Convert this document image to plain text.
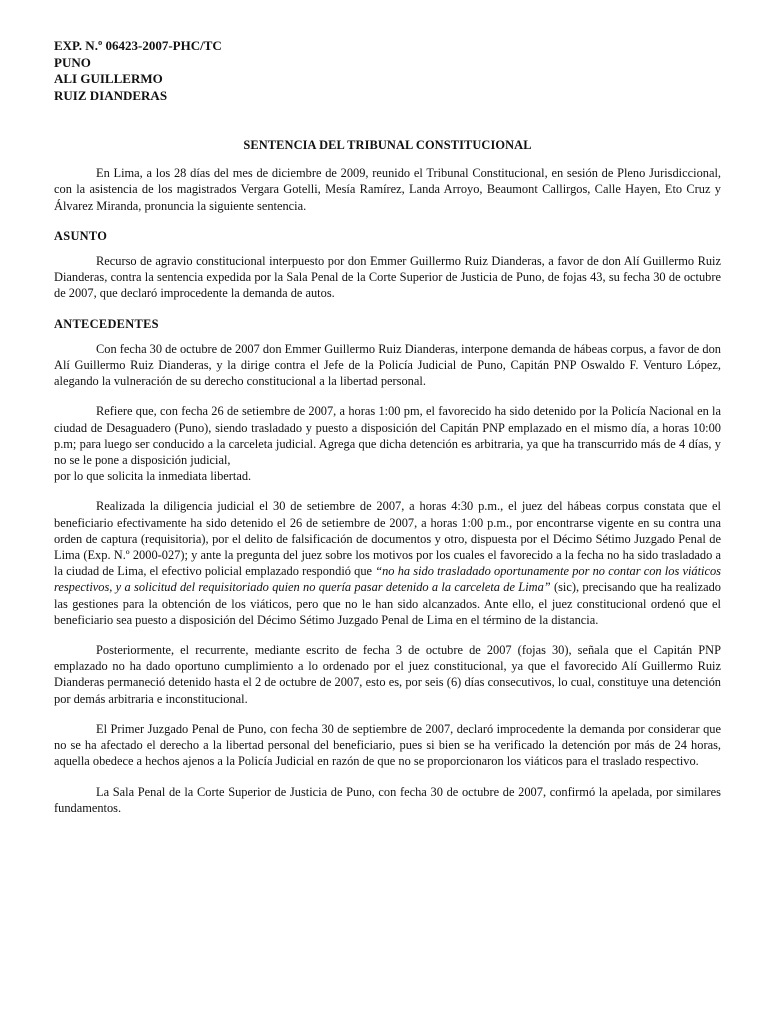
EXP. N.º 06423-2007-PHC/TC
PUNO
ALI GUILLERMO
RUIZ DIANDERAS
SENTENCIA DEL TRIBUNAL CONSTITUCIONAL

En Lima, a los 28 días del mes de diciembre de 2009, reunido el Tribunal Constitucional, en sesión de Pleno Jurisdiccional, con la asistencia de los magistrados Vergara Gotelli, Mesía Ramírez, Landa Arroyo, Beaumont Callirgos, Calle Hayen, Eto Cruz y Álvarez Miranda, pronuncia la siguiente sentencia.

ASUNTO

Recurso de agravio constitucional interpuesto por don Emmer Guillermo Ruiz Dianderas, a favor de don Alí Guillermo Ruiz Dianderas, contra la sentencia expedida por la Sala Penal de la Corte Superior de Justicia de Puno, de fojas 43, su fecha 30 de octubre de 2007, que declaró improcedente la demanda de autos.

ANTECEDENTES

Con fecha 30 de octubre de 2007 don Emmer Guillermo Ruiz Dianderas, interpone demanda de hábeas corpus, a favor de don Alí Guillermo Ruiz Dianderas, y la dirige contra el Jefe de la Policía Judicial de Puno, Capitán PNP Oswaldo F. Venturo López, alegando la vulneración de su derecho constitucional a la libertad personal.

Refiere que, con fecha 26 de setiembre de 2007, a horas 1:00 pm, el favorecido ha sido detenido por la Policía Nacional en la ciudad de Desaguadero (Puno), siendo trasladado y puesto a disposición del Capitán PNP emplazado en el mismo día, a horas 10:00 p.m; para luego ser conducido a la carceleta judicial. Agrega que dicha detención es arbitraria, ya que ha transcurrido más de 4 días, y no se le pone a disposición judicial,

por lo que solicita la inmediata libertad.

Realizada la diligencia judicial el 30 de setiembre de 2007, a horas 4:30 p.m., el juez del hábeas corpus constata que el beneficiario efectivamente ha sido detenido el 26 de setiembre de 2007, a horas 1:00 p.m., por encontrarse vigente en su contra una orden de captura (requisitoria), por el delito de falsificación de documentos y otro, dispuesta por el Décimo Sétimo Juzgado Penal de Lima (Exp. N.º 2000-027); y ante la pregunta del juez sobre los motivos por los cuales el favorecido a la fecha no ha sido trasladado a la ciudad de Lima, el efectivo policial emplazado respondió que “no ha sido trasladado oportunamente por no contar con los viáticos respectivos, y a solicitud del requisitoriado quien no quería pasar detenido a la carceleta de Lima” (sic), precisando que ha realizado las gestiones para la obtención de los viáticos, pero que no le han sido alcanzados. Ante ello, el juez constitucional ordenó que el beneficiario sea puesto a disposición del Décimo Sétimo Juzgado Penal de Lima en el término de la distancia.

Posteriormente, el recurrente, mediante escrito de fecha 3 de octubre de 2007 (fojas 30), señala que el Capitán PNP emplazado no ha dado oportuno cumplimiento a lo ordenado por el juez constitucional, ya que el favorecido Alí Guillermo Ruiz Dianderas permaneció detenido hasta el 2 de octubre de 2007, esto es, por seis (6) días consecutivos, lo cual, constituye una detención por demás arbitraria e inconstitucional.

El Primer Juzgado Penal de Puno, con fecha 30 de septiembre de 2007, declaró improcedente la demanda por considerar que no se ha afectado el derecho a la libertad personal del beneficiario, pues si bien se ha verificado la detención por más de 24 horas, aquella obedece a hechos ajenos a la Policía Judicial en razón de que no se proporcionaron los viáticos para el traslado respectivo.

La Sala Penal de la Corte Superior de Justicia de Puno, con fecha 30 de octubre de 2007, confirmó la apelada, por similares fundamentos.
